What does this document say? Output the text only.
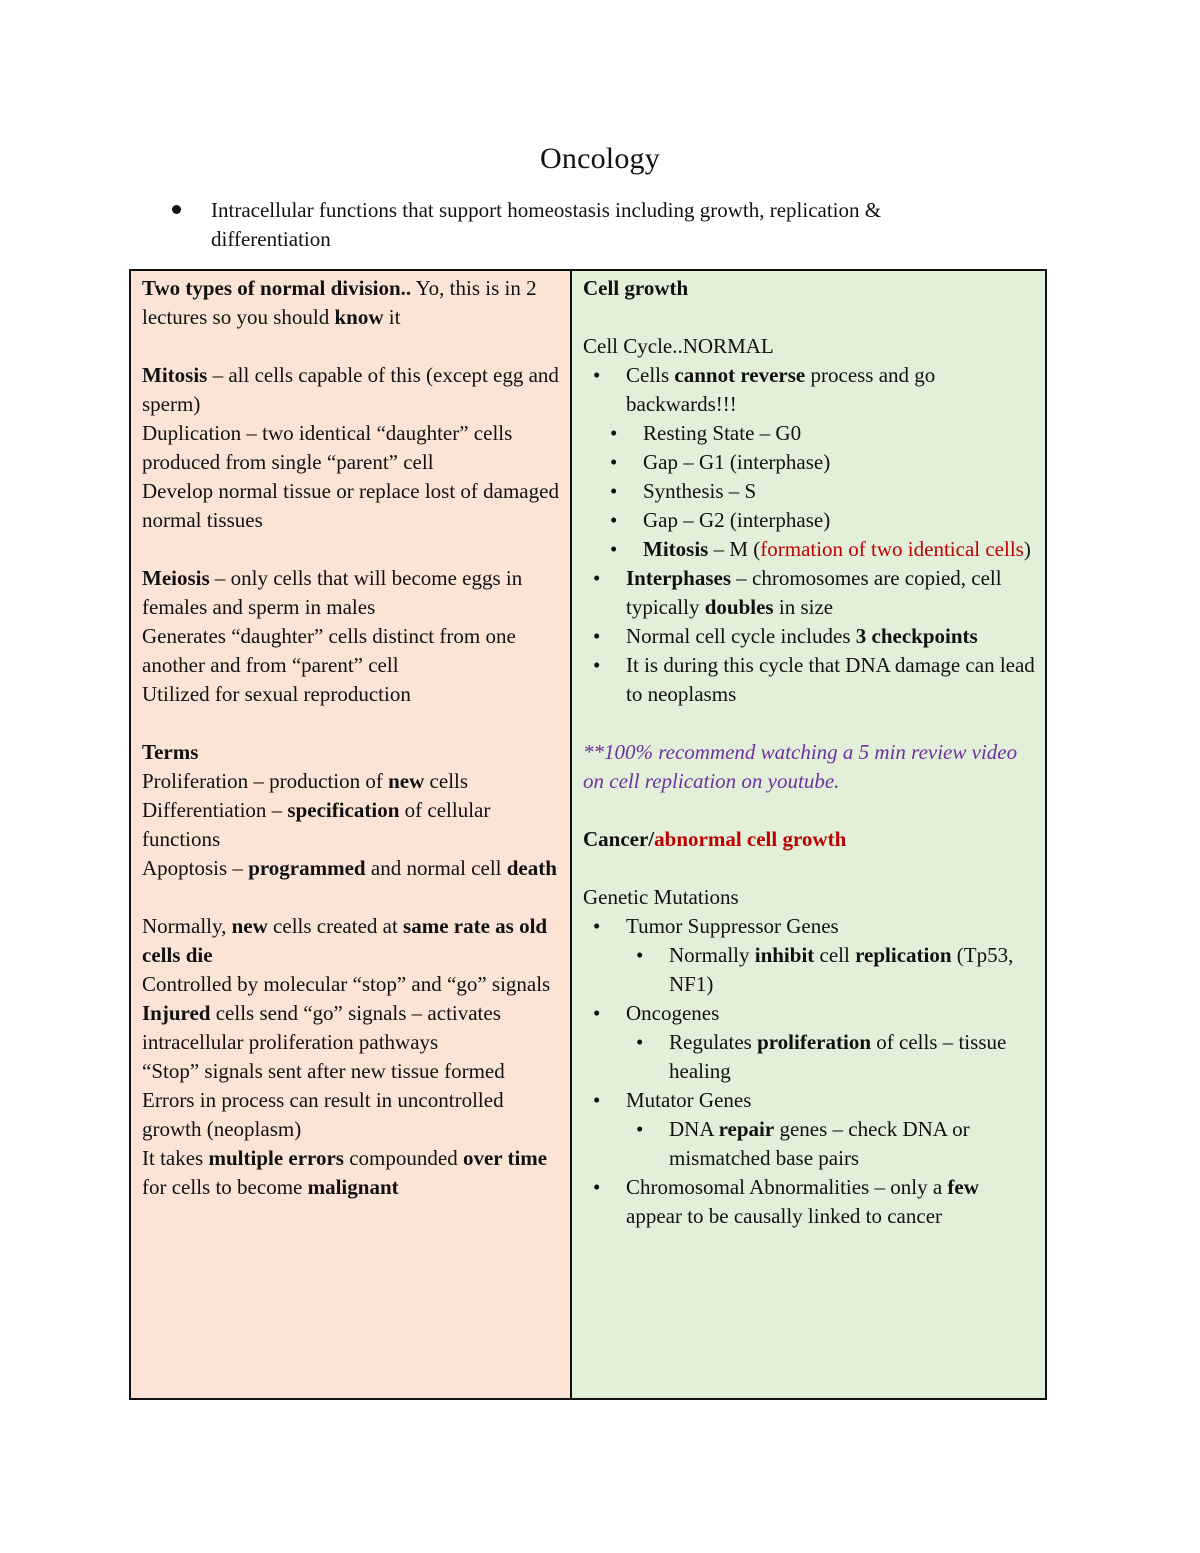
Oncology
Intracellular functions that support homeostasis including growth, replication & differentiation

Two types of normal division.. Yo, this is in 2 lectures so you should know it

Mitosis – all cells capable of this (except egg and sperm)

Duplication – two identical “daughter” cells produced from single “parent” cell

Develop normal tissue or replace lost of damaged normal tissues

Meiosis – only cells that will become eggs in females and sperm in males

Generates “daughter” cells distinct from one another and from “parent” cell

Utilized for sexual reproduction

Terms

Proliferation – production of new cells

Differentiation – specification of cellular functions

Apoptosis – programmed and normal cell death

Normally, new cells created at same rate as old cells die

Controlled by molecular “stop” and “go” signals

Injured cells send “go” signals – activates intracellular proliferation pathways

“Stop” signals sent after new tissue formed

Errors in process can result in uncontrolled growth (neoplasm)

It takes multiple errors compounded over time for cells to become malignant

Cell growth

Cell Cycle..NORMAL

• Cells cannot reverse process and go backwards!!!
• Resting State – G0
• Gap – G1 (interphase)
• Synthesis – S
• Gap – G2 (interphase)
• Mitosis – M (formation of two identical cells)
• Interphases – chromosomes are copied, cell typically doubles in size
• Normal cell cycle includes 3 checkpoints
• It is during this cycle that DNA damage can lead to neoplasms

**100% recommend watching a 5 min review video on cell replication on youtube.

Cancer/abnormal cell growth

Genetic Mutations

• Tumor Suppressor Genes
• Normally inhibit cell replication (Tp53, NF1)
• Oncogenes
• Regulates proliferation of cells – tissue healing
• Mutator Genes
• DNA repair genes – check DNA or mismatched base pairs
• Chromosomal Abnormalities – only a few appear to be causally linked to cancer
